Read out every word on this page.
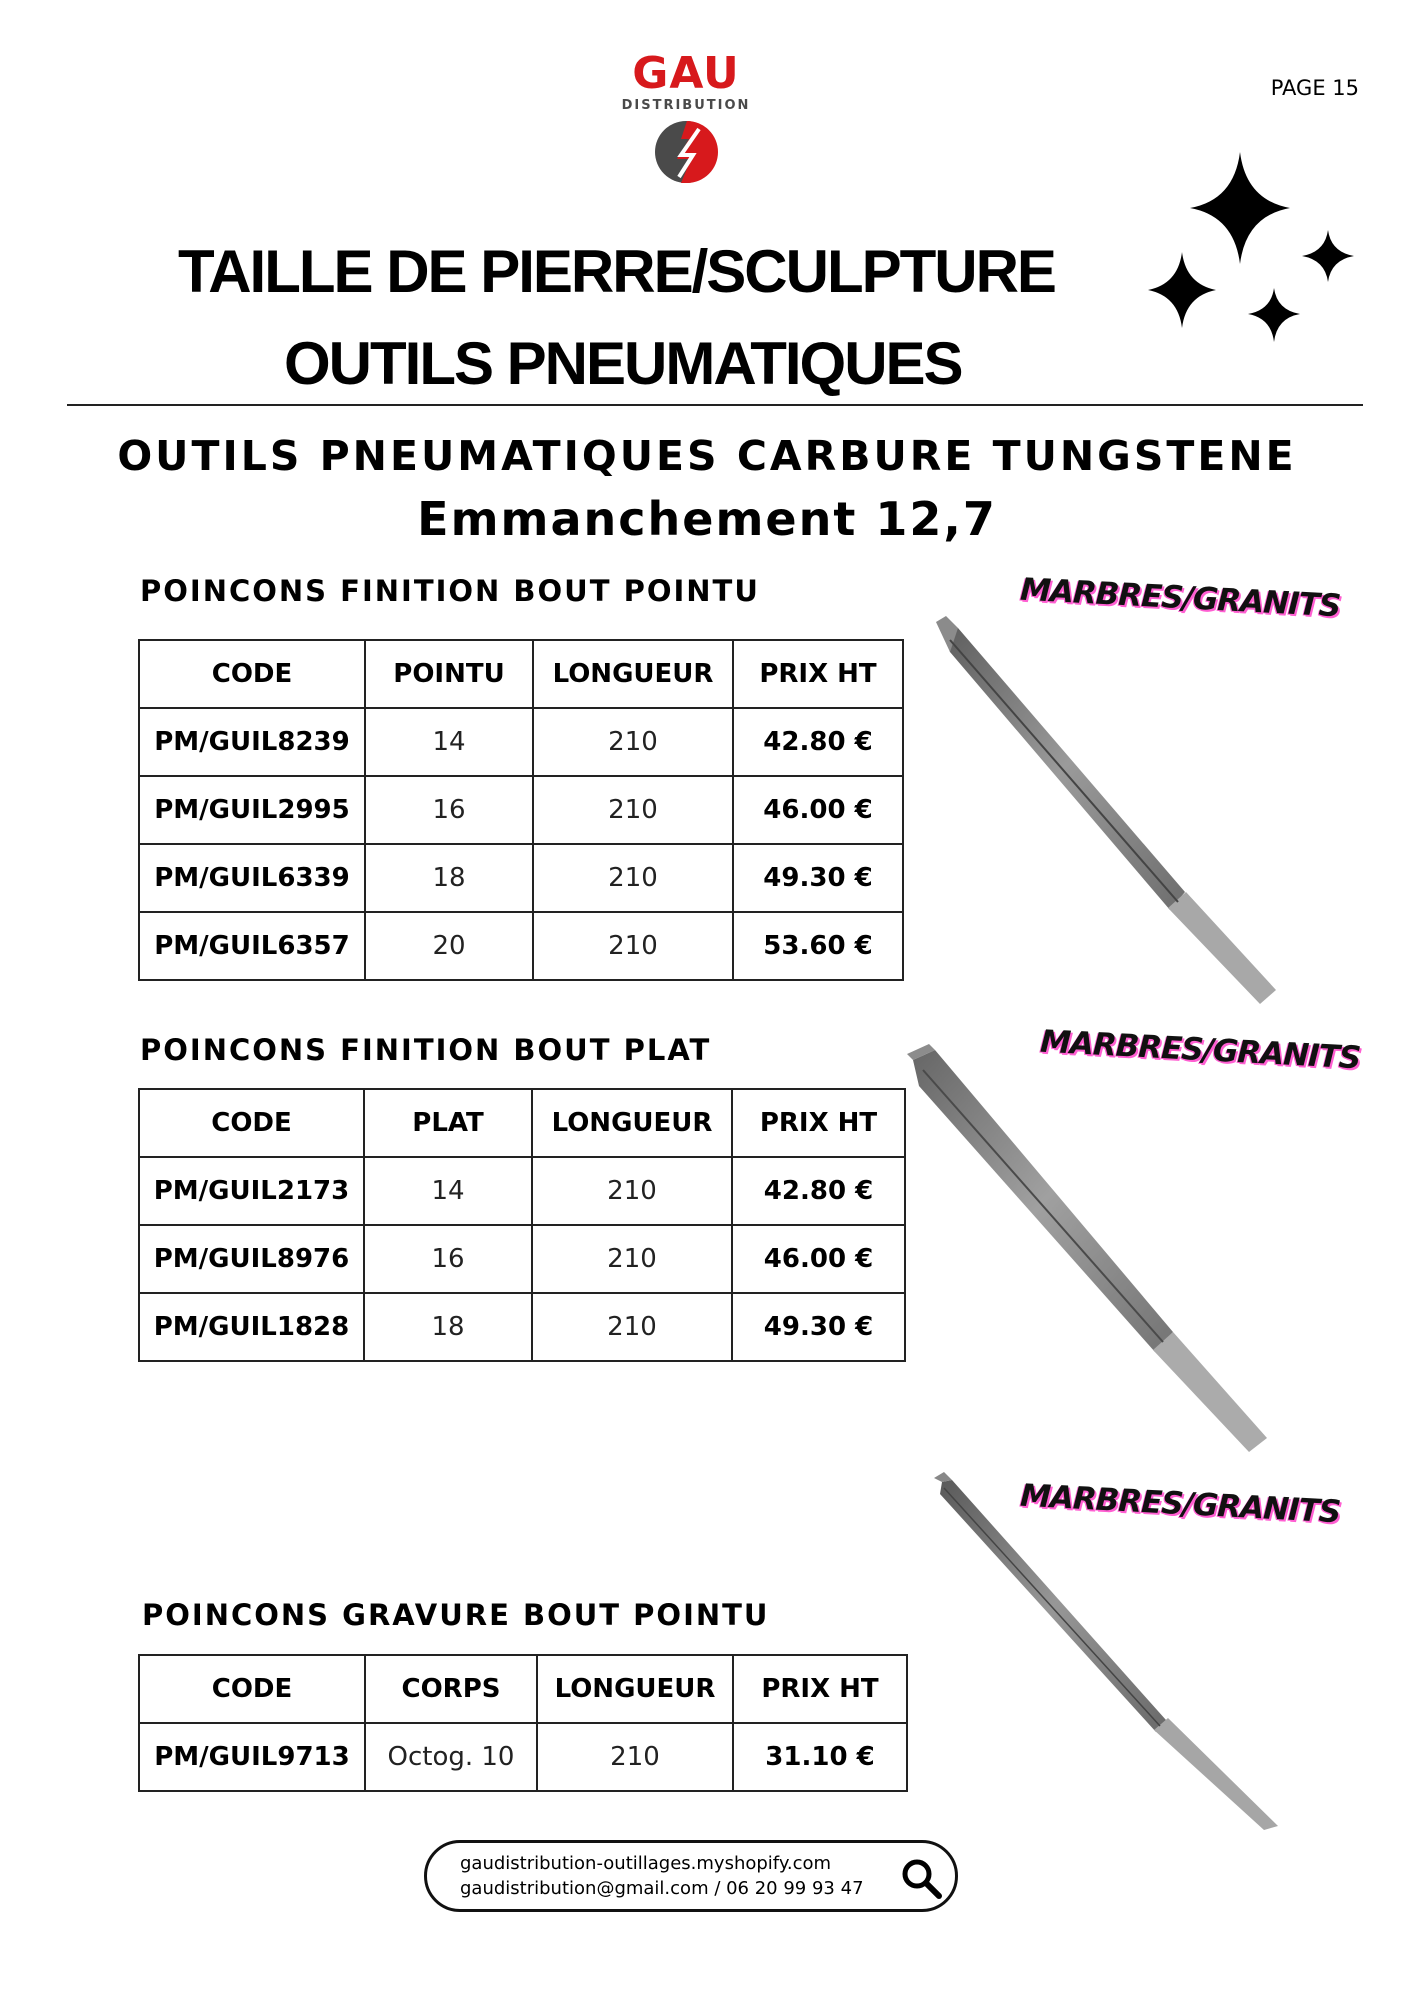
GAU
DISTRIBUTION
PAGE 15
TAILLE DE PIERRE/SCULPTURE
OUTILS PNEUMATIQUES
OUTILS PNEUMATIQUES CARBURE TUNGSTENE
Emmanchement 12,7
POINCONS FINITION BOUT POINTU	MARBRES/GRANITS
CODE	POINTU	LONGUEUR	PRIX HT
PM/GUIL8239	14	210	42.80 €
PM/GUIL2995	16	210	46.00 €
PM/GUIL6339	18	210	49.30 €
PM/GUIL6357	20	210	53.60 €
POINCONS FINITION BOUT PLAT	MARBRES/GRANITS
CODE	PLAT	LONGUEUR	PRIX HT
PM/GUIL2173	14	210	42.80 €
PM/GUIL8976	16	210	46.00 €
PM/GUIL1828	18	210	49.30 €
POINCONS GRAVURE BOUT POINTU
MARBRES/GRANITS
CODE	CORPS	LONGUEUR	PRIX HT
PM/GUIL9713	Octog. 10	210	31.10 €
gaudistribution-outillages.myshopify.com
gaudistribution@gmail.com / 06 20 99 93 47
